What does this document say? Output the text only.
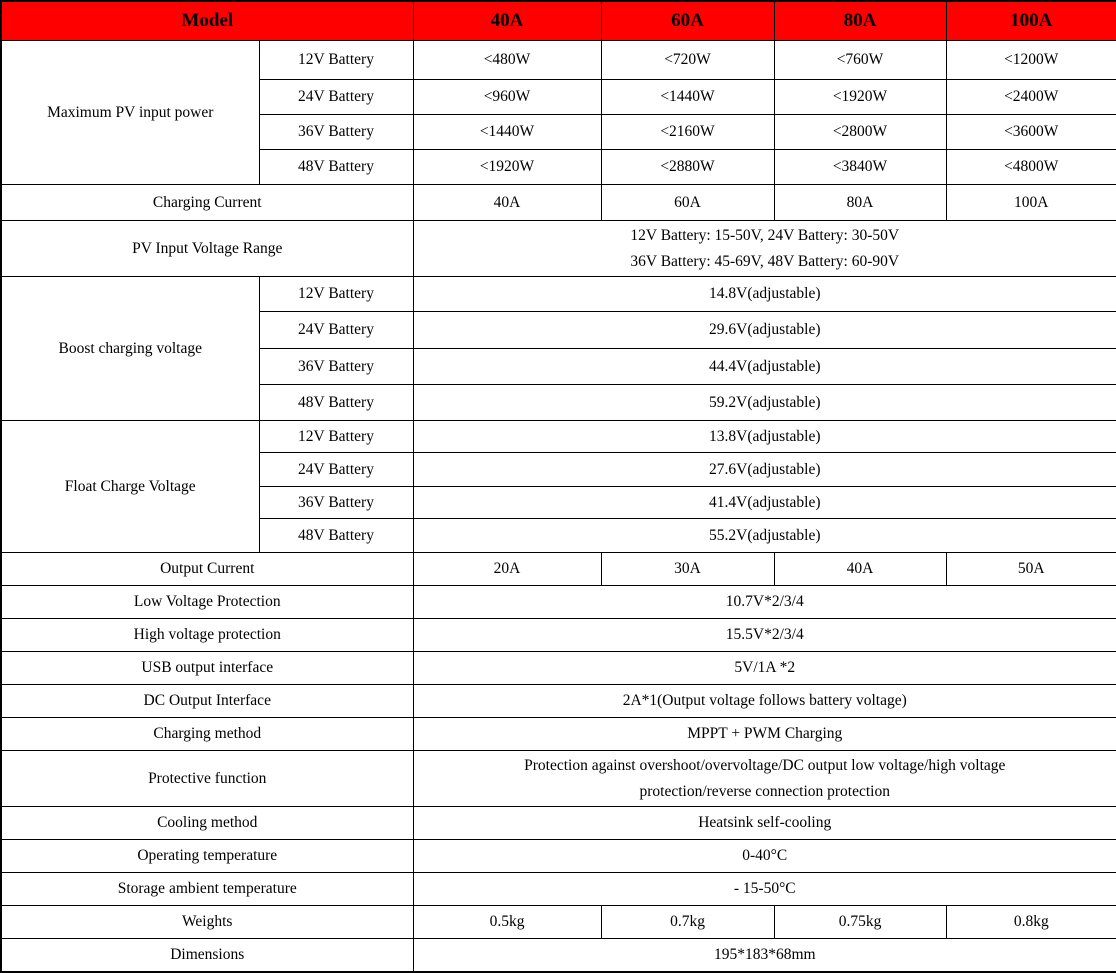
Model		40A	60A	80A	100A
Maximum PV input power	12V Battery	<480W	<720W	<760W	<1200W
	24V Battery	<960W	<1440W	<1920W	<2400W
	36V Battery	<1440W	<2160W	<2800W	<3600W
	48V Battery	<1920W	<2880W	<3840W	<4800W
Charging Current		40A	60A	80A	100A
PV Input Voltage Range		12V Battery: 15-50V, 24V Battery: 30-50V
36V Battery: 45-69V, 48V Battery: 60-90V			

Boost charging voltage	12V Battery	14.8V(adjustable)			
	24V Battery	29.6V(adjustable)			
	36V Battery	44.4V(adjustable)			
	48V Battery	59.2V(adjustable)			
Float Charge Voltage	12V Battery	13.8V(adjustable)			
	24V Battery	27.6V(adjustable)			
	36V Battery	41.4V(adjustable)			
	48V Battery	55.2V(adjustable)			
Output Current		20A	30A	40A	50A
Low Voltage Protection		10.7V*2/3/4			
High voltage protection		15.5V*2/3/4			
USB output interface		5V/1A *2			
DC Output Interface		2A*1(Output voltage follows battery voltage)			
Charging method		MPPT + PWM Charging			
Protective function		Protection against overshoot/overvoltage/DC output low voltage/high voltage protection/reverse connection protection			

Cooling method		Heatsink self-cooling			
Operating temperature		0-40°C			
Storage ambient temperature		- 15-50°C			
Weights		0.5kg	0.7kg	0.75kg	0.8kg
Dimensions		195*183*68mm			
